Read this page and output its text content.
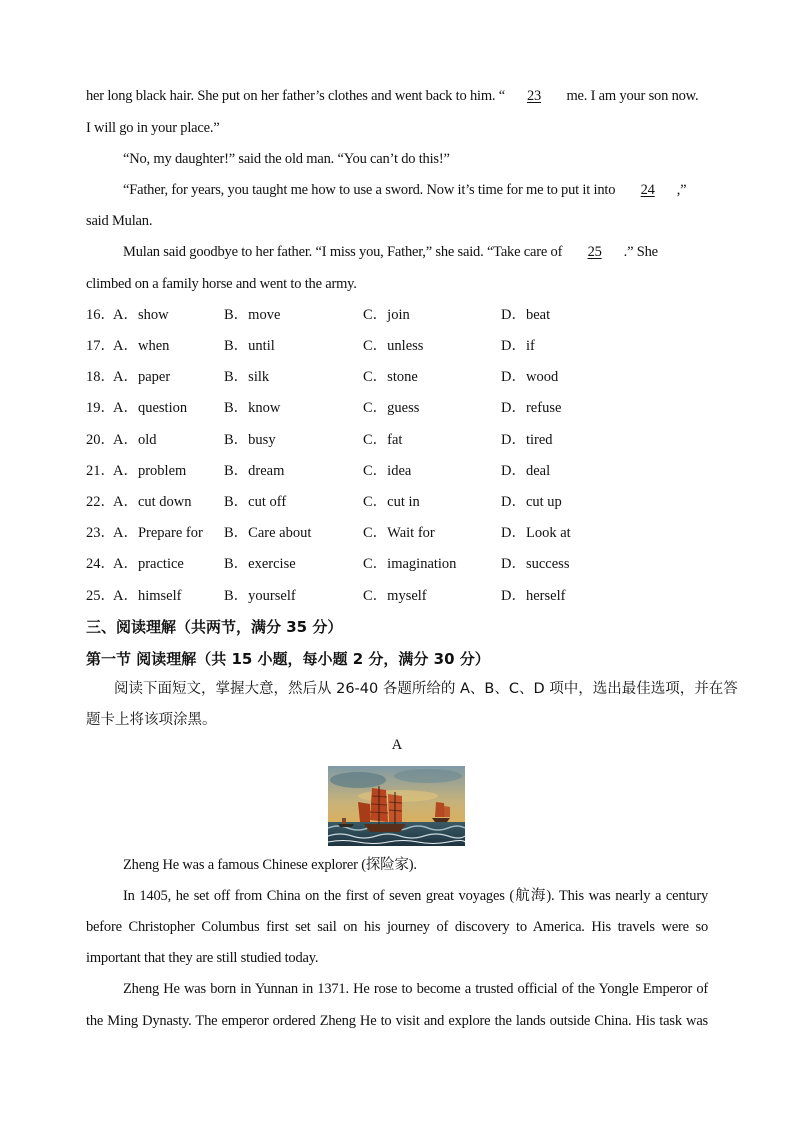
her long black hair. She put on her father’s clothes and went back to him. “ 23 me. I am your son now.
I will go in your place.”
“No, my daughter!” said the old man. “You can’t do this!”
“Father, for years, you taught me how to use a sword. Now it’s time for me to put it into 24 ,”
said Mulan.
Mulan said goodbye to her father. “I miss you, Father,” she said. “Take care of 25 .” She
climbed on a family horse and went to the army.
16．
A．show	B．move	C．join	D．beat
17．
A．when	B．until	C．unless	D．if
18．
A．paper	B．silk	C．stone	D．wood
19．
A．question	B．know	C．guess	D．refuse
20．
A．old	B．busy	C．fat	D．tired
21．
A．problem	B．dream	C．idea	D．deal
22．
A．cut down B．cut off	C．cut in	D．cut up
23．
A．Prepare for B．Care about	C．Wait for	D．Look at
24．
A．practice	B．exercise	C．imagination	D．success
25．
A．himself	B．yourself	C．myself	D．herself
三、阅读理解（共两节，满分 35 分）
第一节 阅读理解（共 15 小题，每小题 2 分，满分 30 分）
阅读下面短文，掌握大意，然后从 26-40 各题所给的 A、B、C、D 项中，选出最佳选项，并在答
题卡上将该项涂黑。
A
Zheng He was a famous Chinese explorer (探险家).
In 1405, he set off from China on the first of seven great voyages (航海). This was nearly a century
before Christopher Columbus first set sail on his journey of discovery to America. His travels were so
important that they are still studied today.
Zheng He was born in Yunnan in 1371. He rose to become a trusted official of the Yongle Emperor of
the Ming Dynasty. The emperor ordered Zheng He to visit and explore the lands outside China. His task was
